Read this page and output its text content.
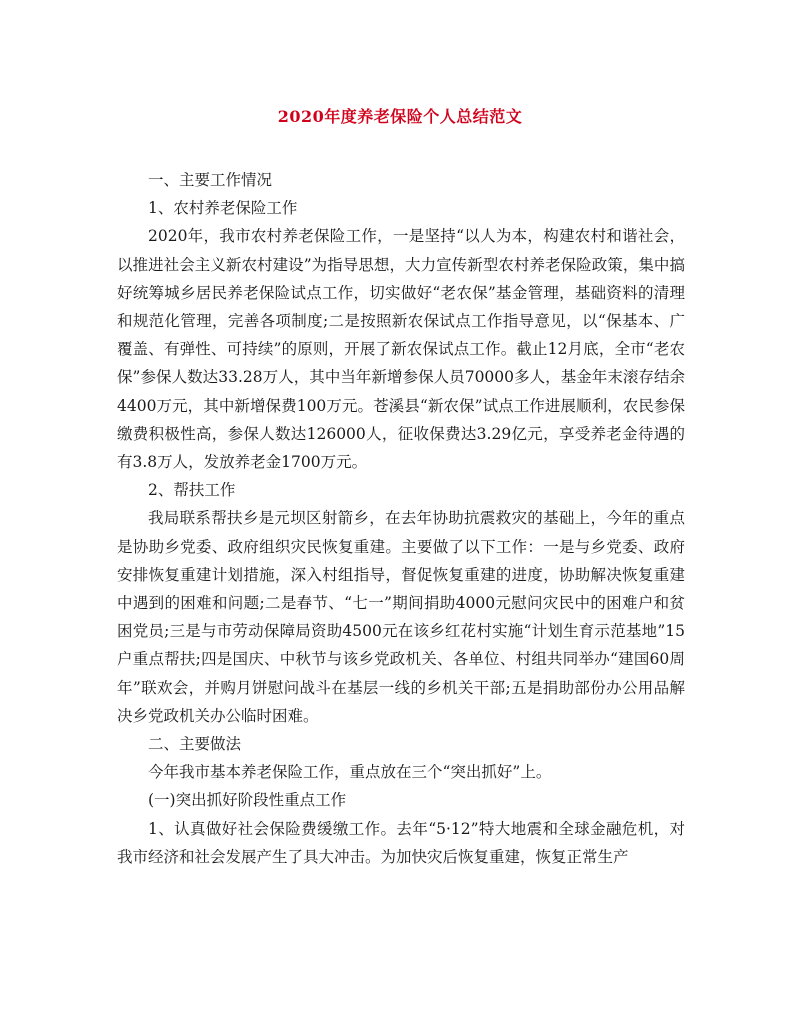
2020年度养老保险个人总结范文

一、主要工作情况

1、农村养老保险工作

2020年，我市农村养老保险工作，一是坚持“以人为本，构建农村和谐社会，以推进社会主义新农村建设”为指导思想，大力宣传新型农村养老保险政策，集中搞好统筹城乡居民养老保险试点工作，切实做好“老农保”基金管理，基础资料的清理和规范化管理，完善各项制度;二是按照新农保试点工作指导意见，以“保基本、广覆盖、有弹性、可持续”的原则，开展了新农保试点工作。截止12月底，全市“老农保”参保人数达33.28万人，其中当年新增参保人员70000多人，基金年末滚存结余4400万元，其中新增保费100万元。苍溪县“新农保”试点工作进展顺利，农民参保缴费积极性高，参保人数达126000人，征收保费达3.29亿元，享受养老金待遇的有3.8万人，发放养老金1700万元。

2、帮扶工作

我局联系帮扶乡是元坝区射箭乡，在去年协助抗震救灾的基础上，今年的重点是协助乡党委、政府组织灾民恢复重建。主要做了以下工作：一是与乡党委、政府安排恢复重建计划措施，深入村组指导，督促恢复重建的进度，协助解决恢复重建中遇到的困难和问题;二是春节、“七一”期间捐助4000元慰问灾民中的困难户和贫困党员;三是与市劳动保障局资助4500元在该乡红花村实施“计划生育示范基地”15户重点帮扶;四是国庆、中秋节与该乡党政机关、各单位、村组共同举办“建国60周年”联欢会，并购月饼慰问战斗在基层一线的乡机关干部;五是捐助部份办公用品解决乡党政机关办公临时困难。

二、主要做法

今年我市基本养老保险工作，重点放在三个“突出抓好”上。

(一)突出抓好阶段性重点工作

1、认真做好社会保险费缓缴工作。去年“5·12”特大地震和全球金融危机，对我市经济和社会发展产生了具大冲击。为加快灾后恢复重建，恢复正常生产
